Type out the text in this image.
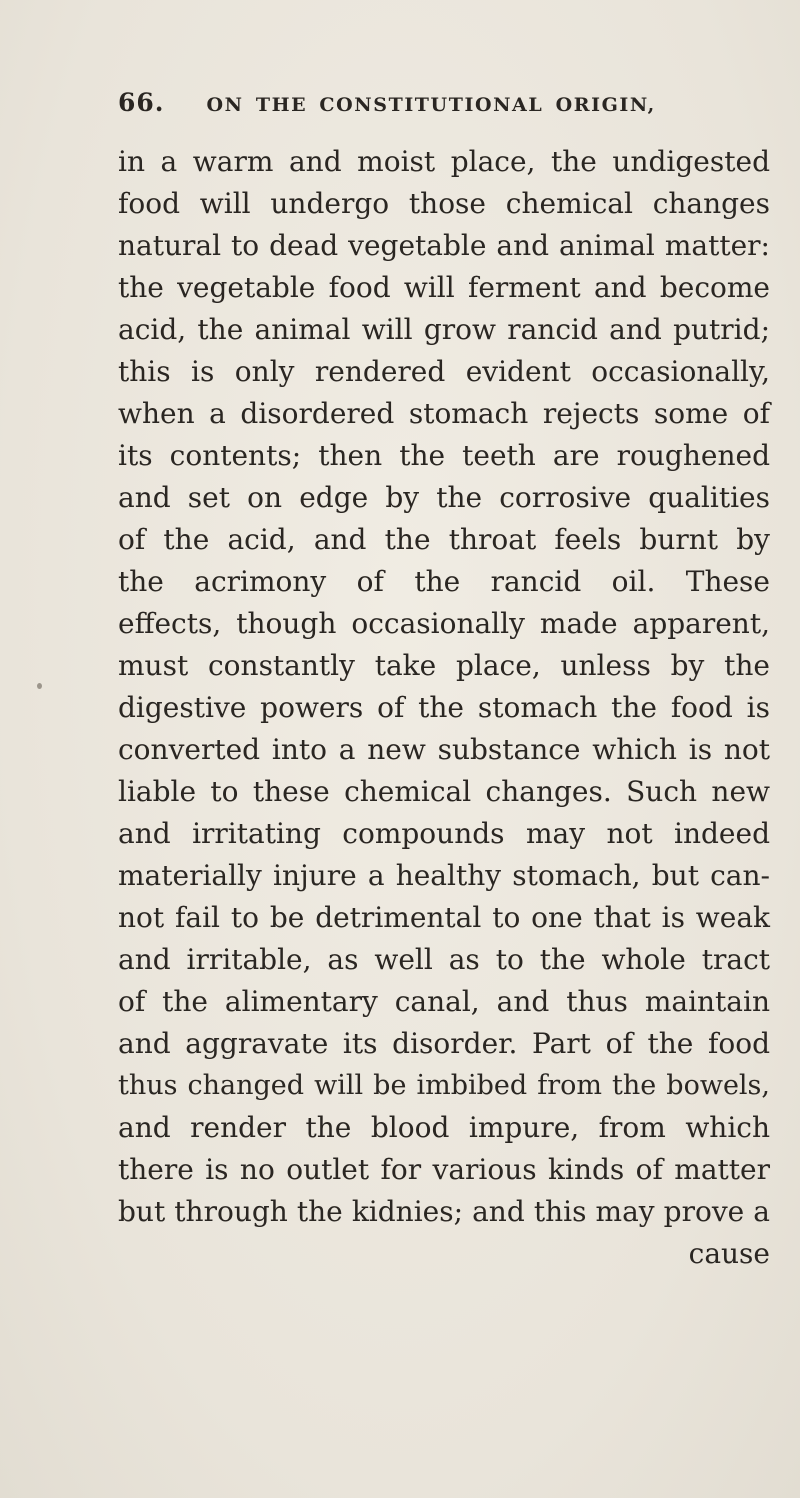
66. ON THE CONSTITUTIONAL ORIGIN,
in a warm and moist place, the undigested
food will undergo those chemical changes
natural to dead vegetable and animal matter:
the vegetable food will ferment and become
acid, the animal will grow rancid and putrid;
this is only rendered evident occasionally,
when a disordered stomach rejects some of
its contents; then the teeth are roughened
and set on edge by the corrosive qualities
of the acid, and the throat feels burnt by
the acrimony of the rancid oil. These
effects, though occasionally made apparent,
must constantly take place, unless by the
digestive powers of the stomach the food is
converted into a new substance which is not
liable to these chemical changes. Such new
and irritating compounds may not indeed
materially injure a healthy stomach, but can-
not fail to be detrimental to one that is weak
and irritable, as well as to the whole tract
of the alimentary canal, and thus maintain
and aggravate its disorder. Part of the food
thus changed will be imbibed from the bowels,
and render the blood impure, from which
there is no outlet for various kinds of matter
but through the kidnies; and this may prove a
cause
